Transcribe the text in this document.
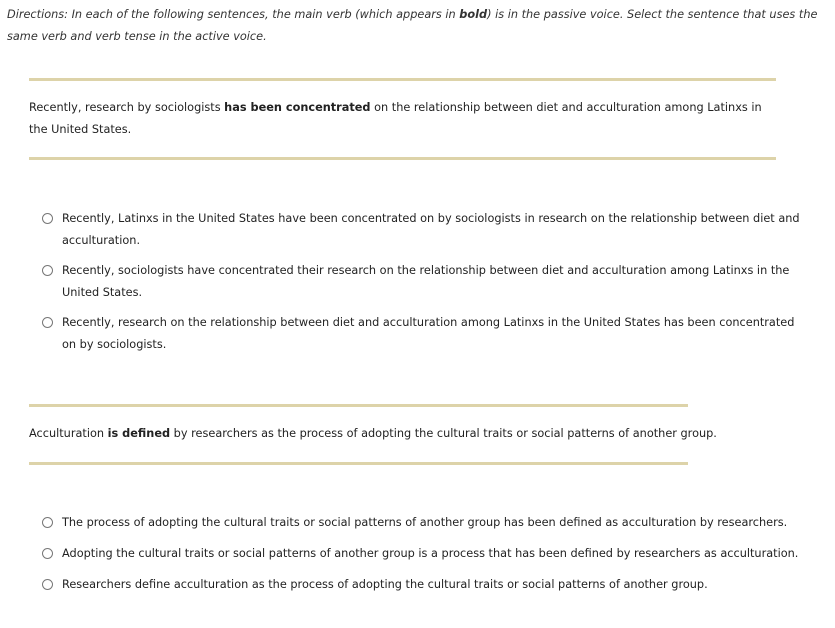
Directions: In each of the following sentences, the main verb (which appears in bold) is in the passive voice. Select the sentence that uses the same verb and verb tense in the active voice.
Recently, research by sociologists has been concentrated on the relationship between diet and acculturation among Latinxs in the United States.
Recently, Latinxs in the United States have been concentrated on by sociologists in research on the relationship between diet and acculturation.
Recently, sociologists have concentrated their research on the relationship between diet and acculturation among Latinxs in the United States.
Recently, research on the relationship between diet and acculturation among Latinxs in the United States has been concentrated on by sociologists.
Acculturation is defined by researchers as the process of adopting the cultural traits or social patterns of another group.
The process of adopting the cultural traits or social patterns of another group has been defined as acculturation by researchers.
Adopting the cultural traits or social patterns of another group is a process that has been defined by researchers as acculturation.
Researchers define acculturation as the process of adopting the cultural traits or social patterns of another group.
